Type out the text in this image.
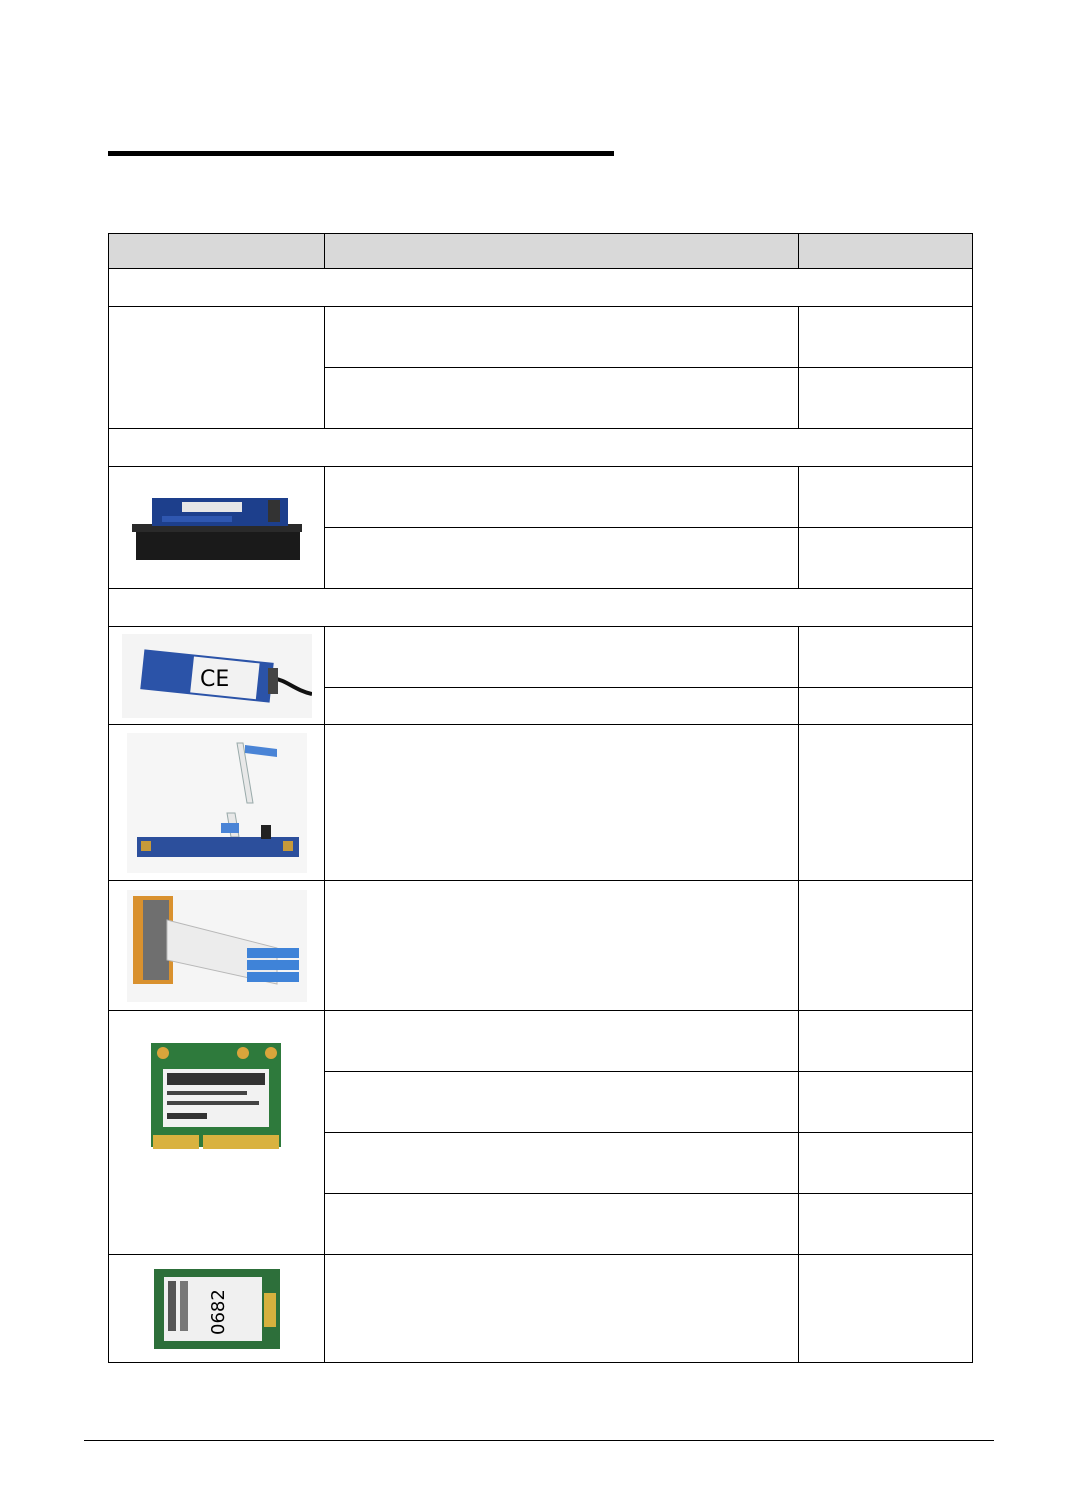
CE		

0682		
